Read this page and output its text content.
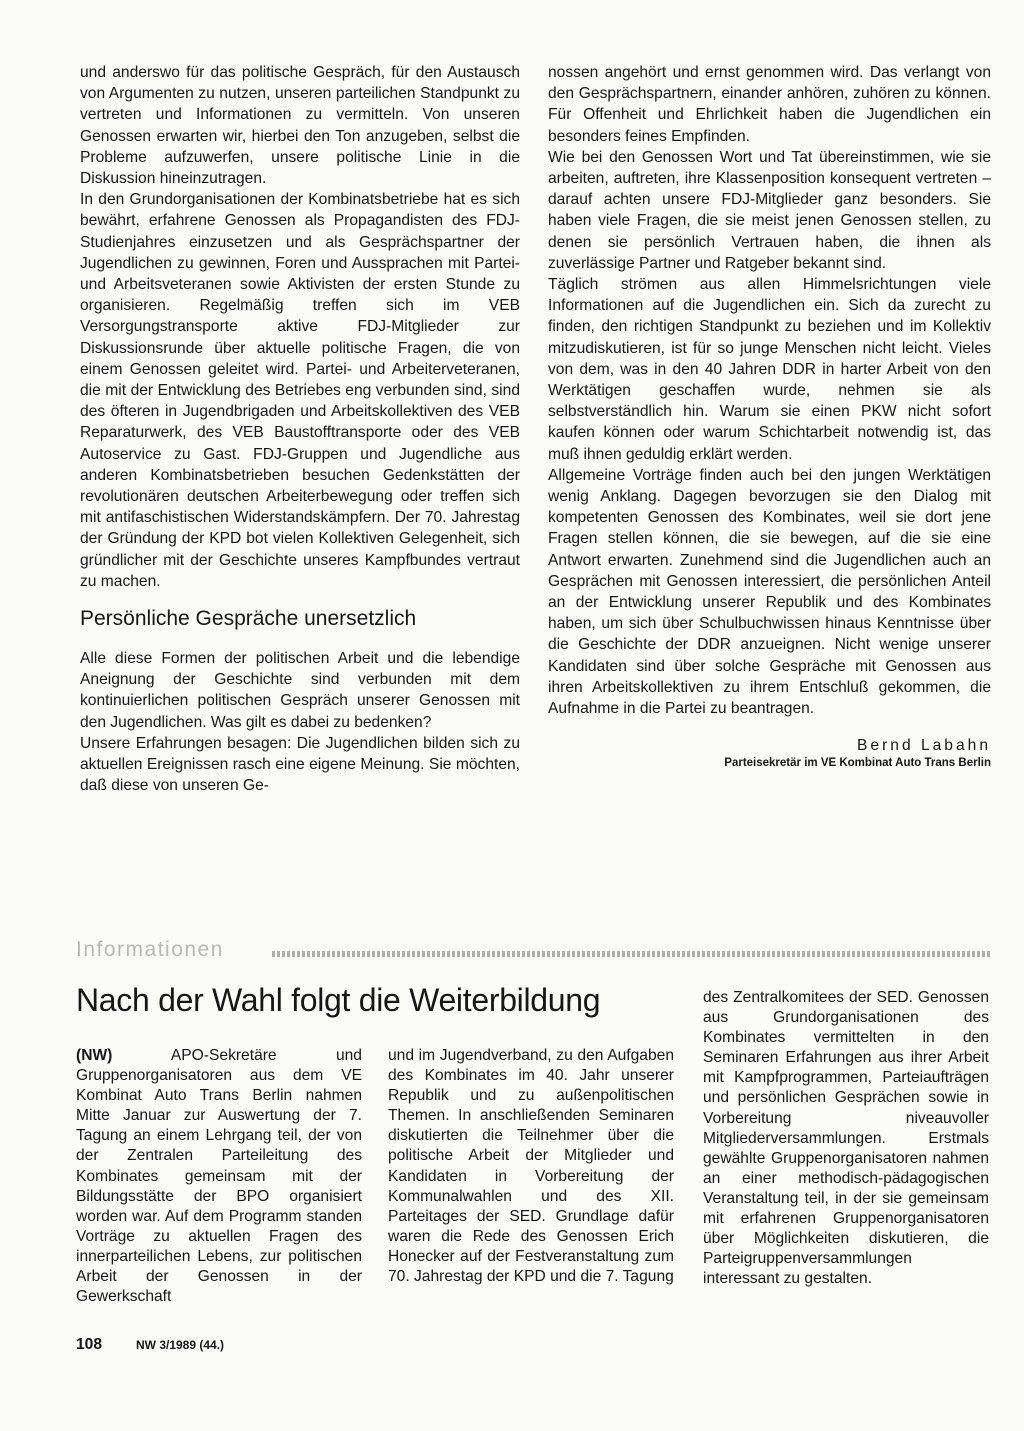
und anderswo für das politische Gespräch, für den Austausch von Argumenten zu nutzen, unseren parteilichen Standpunkt zu vertreten und Informationen zu vermitteln. Von unseren Genossen erwarten wir, hierbei den Ton anzugeben, selbst die Probleme aufzuwerfen, unsere politische Linie in die Diskussion hineinzutragen.

In den Grundorganisationen der Kombinatsbetriebe hat es sich bewährt, erfahrene Genossen als Propagandisten des FDJ-Studienjahres einzusetzen und als Gesprächspartner der Jugendlichen zu gewinnen, Foren und Aussprachen mit Partei- und Arbeitsveteranen sowie Aktivisten der ersten Stunde zu organisieren. Regelmäßig treffen sich im VEB Versorgungstransporte aktive FDJ-Mitglieder zur Diskussionsrunde über aktuelle politische Fragen, die von einem Genossen geleitet wird. Partei- und Arbeiterveteranen, die mit der Entwicklung des Betriebes eng verbunden sind, sind des öfteren in Jugendbrigaden und Arbeitskollektiven des VEB Reparaturwerk, des VEB Baustofftransporte oder des VEB Autoservice zu Gast. FDJ-Gruppen und Jugendliche aus anderen Kombinatsbetrieben besuchen Gedenkstätten der revolutionären deutschen Arbeiterbewegung oder treffen sich mit antifaschistischen Widerstandskämpfern. Der 70. Jahrestag der Gründung der KPD bot vielen Kollektiven Gelegenheit, sich gründlicher mit der Geschichte unseres Kampfbundes vertraut zu machen.

Persönliche Gespräche unersetzlich

Alle diese Formen der politischen Arbeit und die lebendige Aneignung der Geschichte sind verbunden mit dem kontinuierlichen politischen Gespräch unserer Genossen mit den Jugendlichen. Was gilt es dabei zu bedenken?

Unsere Erfahrungen besagen: Die Jugendlichen bilden sich zu aktuellen Ereignissen rasch eine eigene Meinung. Sie möchten, daß diese von unseren Ge-

nossen angehört und ernst genommen wird. Das verlangt von den Gesprächspartnern, einander anhören, zuhören zu können. Für Offenheit und Ehrlichkeit haben die Jugendlichen ein besonders feines Empfinden.

Wie bei den Genossen Wort und Tat übereinstimmen, wie sie arbeiten, auftreten, ihre Klassenposition konsequent vertreten – darauf achten unsere FDJ-Mitglieder ganz besonders. Sie haben viele Fragen, die sie meist jenen Genossen stellen, zu denen sie persönlich Vertrauen haben, die ihnen als zuverlässige Partner und Ratgeber bekannt sind.

Täglich strömen aus allen Himmelsrichtungen viele Informationen auf die Jugendlichen ein. Sich da zurecht zu finden, den richtigen Standpunkt zu beziehen und im Kollektiv mitzudiskutieren, ist für so junge Menschen nicht leicht. Vieles von dem, was in den 40 Jahren DDR in harter Arbeit von den Werktätigen geschaffen wurde, nehmen sie als selbstverständlich hin. Warum sie einen PKW nicht sofort kaufen können oder warum Schichtarbeit notwendig ist, das muß ihnen geduldig erklärt werden.

Allgemeine Vorträge finden auch bei den jungen Werktätigen wenig Anklang. Dagegen bevorzugen sie den Dialog mit kompetenten Genossen des Kombinates, weil sie dort jene Fragen stellen können, die sie bewegen, auf die sie eine Antwort erwarten. Zunehmend sind die Jugendlichen auch an Gesprächen mit Genossen interessiert, die persönlichen Anteil an der Entwicklung unserer Republik und des Kombinates haben, um sich über Schulbuchwissen hinaus Kenntnisse über die Geschichte der DDR anzueignen. Nicht wenige unserer Kandidaten sind über solche Gespräche mit Genossen aus ihren Arbeitskollektiven zu ihrem Entschluß gekommen, die Aufnahme in die Partei zu beantragen.

Bernd Labahn
Parteisekretär im VE Kombinat Auto Trans Berlin
Informationen
Nach der Wahl folgt die Weiterbildung

(NW)	APO-Sekretäre und Gruppenorganisatoren aus dem VE Kombinat Auto Trans Berlin nahmen Mitte Januar zur Auswertung der 7. Tagung an einem Lehrgang teil, der von der Zentralen Parteileitung des Kombinates gemeinsam mit der Bildungsstätte der BPO organisiert worden war. Auf dem Programm standen Vorträge zu aktuellen Fragen des innerparteilichen Lebens, zur politischen Arbeit der Genossen in der Gewerkschaft

und im Jugendverband, zu den Aufgaben des Kombinates im 40. Jahr unserer Republik und zu außenpolitischen Themen. In anschließenden Seminaren diskutierten die Teilnehmer über die politische Arbeit der Mitglieder und Kandidaten in Vorbereitung der Kommunalwahlen und des XII. Parteitages der SED. Grundlage dafür waren die Rede des Genossen Erich Honecker auf der Festveranstaltung zum 70. Jahrestag der KPD und die 7. Tagung

des Zentralkomitees der SED. Genossen aus Grundorganisationen des Kombinates vermittelten in den Seminaren Erfahrungen aus ihrer Arbeit mit Kampfprogrammen, Parteiaufträgen und persönlichen Gesprächen sowie in Vorbereitung niveauvoller Mitgliederversammlungen. Erstmals gewählte Gruppenorganisatoren nahmen an einer methodisch-pädagogischen Veranstaltung teil, in der sie gemeinsam mit erfahrenen Gruppenorganisatoren über Möglichkeiten diskutieren, die Parteigruppenversammlungen interessant zu gestalten.

108	NW 3/1989 (44.)
